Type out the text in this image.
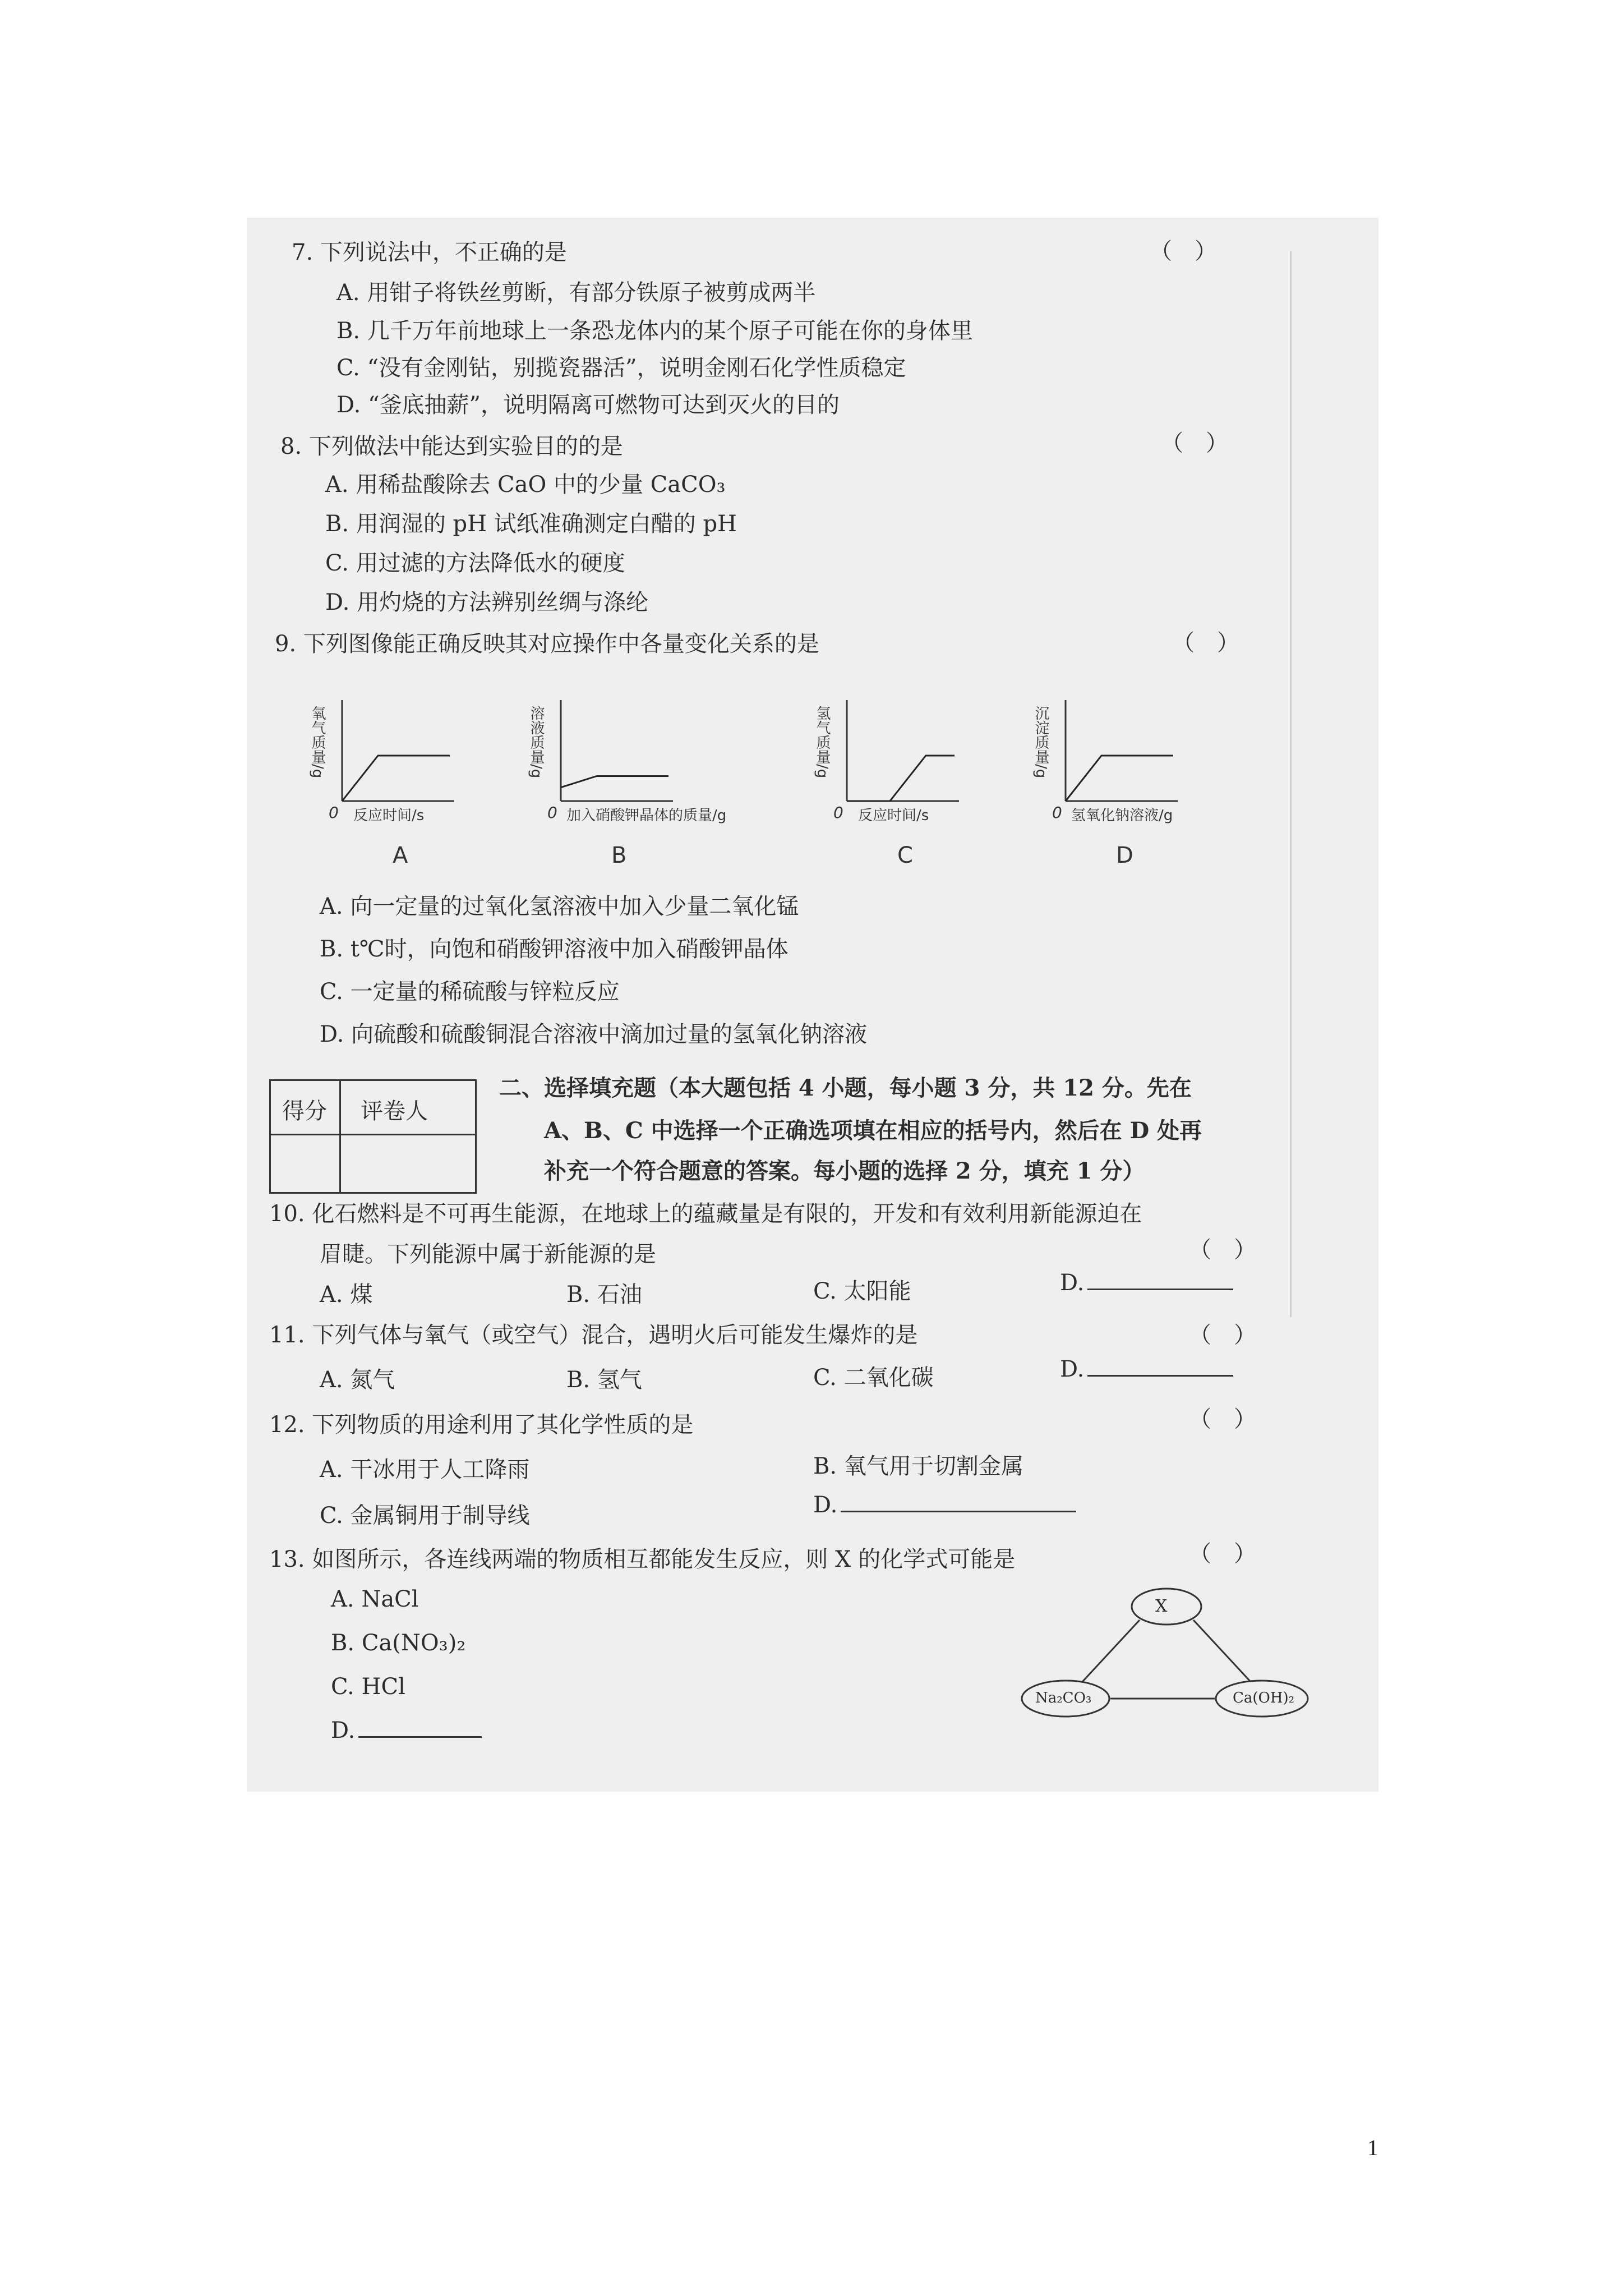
7. 下列说法中，不正确的是	（　）
A. 用钳子将铁丝剪断，有部分铁原子被剪成两半
B. 几千万年前地球上一条恐龙体内的某个原子可能在你的身体里
C. “没有金刚钻，别揽瓷器活”，说明金刚石化学性质稳定
D. “釜底抽薪”，说明隔离可燃物可达到灭火的目的
8. 下列做法中能达到实验目的的是	（　）
A. 用稀盐酸除去 CaO 中的少量 CaCO₃
B. 用润湿的 pH 试纸准确测定白醋的 pH
C. 用过滤的方法降低水的硬度
D. 用灼烧的方法辨别丝绸与涤纶
9. 下列图像能正确反映其对应操作中各量变化关系的是	（　）
氧气质量/g
0 反应时间/s
A
溶液质量/g
0 加入硝酸钾晶体的质量/g
B
氢气质量/g
0 反应时间/s
C
沉淀质量/g
0 氢氧化钠溶液/g
D
A. 向一定量的过氧化氢溶液中加入少量二氧化锰
B. t℃时，向饱和硝酸钾溶液中加入硝酸钾晶体
C. 一定量的稀硫酸与锌粒反应
D. 向硫酸和硫酸铜混合溶液中滴加过量的氢氧化钠溶液
得分 评卷人
二、选择填充题（本大题包括 4 小题，每小题 3 分，共 12 分。先在
A、B、C 中选择一个正确选项填在相应的括号内，然后在 D 处再
补充一个符合题意的答案。每小题的选择 2 分，填充 1 分）
10. 化石燃料是不可再生能源，在地球上的蕴藏量是有限的，开发和有效利用新能源迫在
眉睫。下列能源中属于新能源的是	（　）
A. 煤	B. 石油	C. 太阳能	D.
11. 下列气体与氧气（或空气）混合，遇明火后可能发生爆炸的是	（　）
A. 氮气	B. 氢气	C. 二氧化碳	D.
12. 下列物质的用途利用了其化学性质的是	（　）
A. 干冰用于人工降雨	B. 氧气用于切割金属
C. 金属铜用于制导线	D.
13. 如图所示，各连线两端的物质相互都能发生反应，则 X 的化学式可能是	（　）
A. NaCl
B. Ca(NO₃)₂
C. HCl
D.
X
Na₂CO₃	Ca(OH)₂
1
